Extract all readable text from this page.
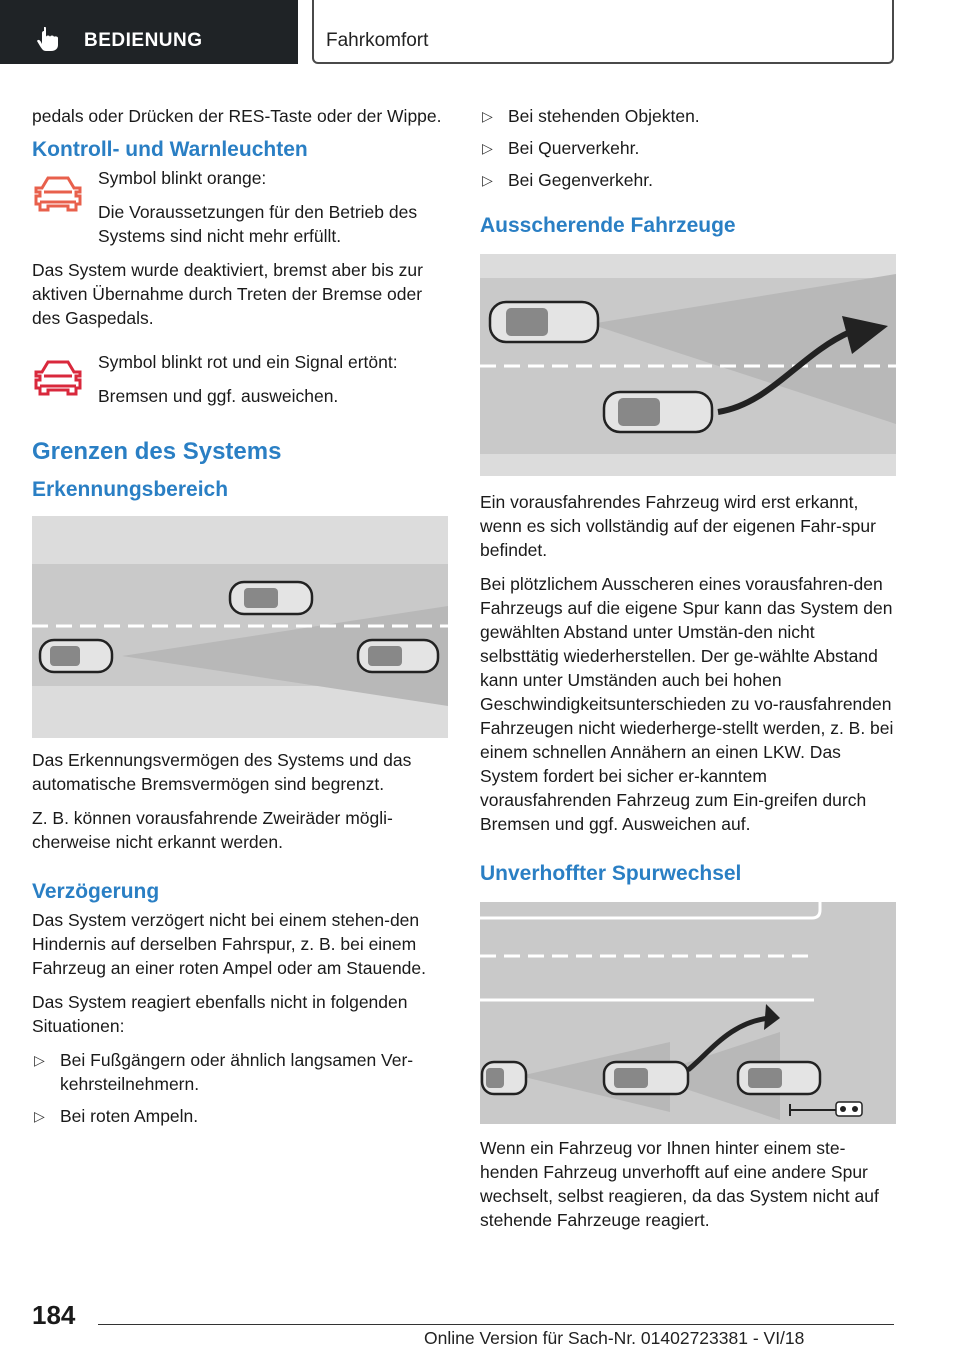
BEDIENUNG	Fahrkomfort

pedals oder Drücken der RES-Taste oder der Wippe.

Kontroll- und Warnleuchten

Symbol blinkt orange:

Die Voraussetzungen für den Betrieb des Systems sind nicht mehr erfüllt.

Das System wurde deaktiviert, bremst aber bis zur aktiven Übernahme durch Treten der Bremse oder des Gaspedals.

Symbol blinkt rot und ein Signal ertönt:

Bremsen und ggf. ausweichen.

Grenzen des Systems
Erkennungsbereich

Das Erkennungsvermögen des Systems und das automatische Bremsvermögen sind begrenzt.

Z. B. können vorausfahrende Zweiräder mögli‐cherweise nicht erkannt werden.

Verzögerung

Das System verzögert nicht bei einem stehen‐den Hindernis auf derselben Fahrspur, z. B. bei einem Fahrzeug an einer roten Ampel oder am Stauende.

Das System reagiert ebenfalls nicht in folgenden Situationen:

▷ Bei Fußgängern oder ähnlich langsamen Ver‐kehrsteilnehmern.
▷ Bei roten Ampeln.
▷ Bei stehenden Objekten.
▷ Bei Querverkehr.
▷ Bei Gegenverkehr.
Ausscherende Fahrzeuge

Ein vorausfahrendes Fahrzeug wird erst erkannt, wenn es sich vollständig auf der eigenen Fahr‐spur befindet.

Bei plötzlichem Ausscheren eines vorausfahren‐den Fahrzeugs auf die eigene Spur kann das System den gewählten Abstand unter Umstän‐den nicht selbsttätig wiederherstellen. Der ge‐wählte Abstand kann unter Umständen auch bei hohen Geschwindigkeitsunterschieden zu vo‐rausfahrenden Fahrzeugen nicht wiederherge‐stellt werden, z. B. bei einem schnellen Annähern an einen LKW. Das System fordert bei sicher er‐kanntem vorausfahrenden Fahrzeug zum Ein‐greifen durch Bremsen und ggf. Ausweichen auf.

Unverhoffter Spurwechsel

Wenn ein Fahrzeug vor Ihnen hinter einem ste‐henden Fahrzeug unverhofft auf eine andere Spur wechselt, selbst reagieren, da das System nicht auf stehende Fahrzeuge reagiert.

184
Online Version für Sach-Nr. 01402723381 - VI/18
